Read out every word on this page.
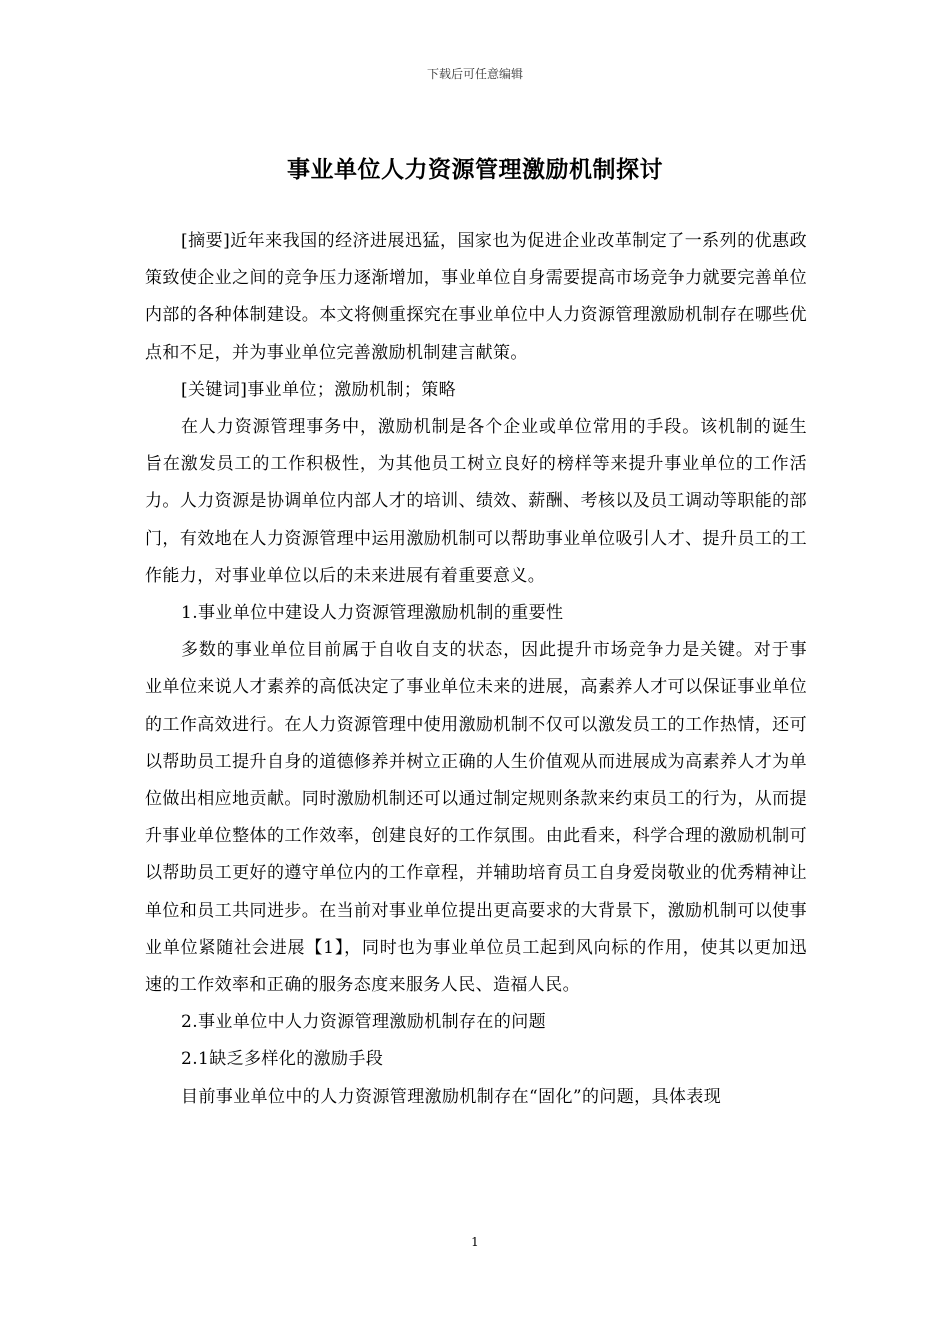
下载后可任意编辑
事业单位人力资源管理激励机制探讨

[摘要]近年来我国的经济进展迅猛，国家也为促进企业改革制定了一系列的优惠政策致使企业之间的竞争压力逐渐增加，事业单位自身需要提高市场竞争力就要完善单位内部的各种体制建设。本文将侧重探究在事业单位中人力资源管理激励机制存在哪些优点和不足，并为事业单位完善激励机制建言献策。

[关键词]事业单位；激励机制；策略

在人力资源管理事务中，激励机制是各个企业或单位常用的手段。该机制的诞生旨在激发员工的工作积极性，为其他员工树立良好的榜样等来提升事业单位的工作活力。人力资源是协调单位内部人才的培训、绩效、薪酬、考核以及员工调动等职能的部门，有效地在人力资源管理中运用激励机制可以帮助事业单位吸引人才、提升员工的工作能力，对事业单位以后的未来进展有着重要意义。

1.事业单位中建设人力资源管理激励机制的重要性

多数的事业单位目前属于自收自支的状态，因此提升市场竞争力是关键。对于事业单位来说人才素养的高低决定了事业单位未来的进展，高素养人才可以保证事业单位的工作高效进行。在人力资源管理中使用激励机制不仅可以激发员工的工作热情，还可以帮助员工提升自身的道德修养并树立正确的人生价值观从而进展成为高素养人才为单位做出相应地贡献。同时激励机制还可以通过制定规则条款来约束员工的行为，从而提升事业单位整体的工作效率，创建良好的工作氛围。由此看来，科学合理的激励机制可以帮助员工更好的遵守单位内的工作章程，并辅助培育员工自身爱岗敬业的优秀精神让单位和员工共同进步。在当前对事业单位提出更高要求的大背景下，激励机制可以使事业单位紧随社会进展【1】，同时也为事业单位员工起到风向标的作用，使其以更加迅速的工作效率和正确的服务态度来服务人民、造福人民。

2.事业单位中人力资源管理激励机制存在的问题

2.1缺乏多样化的激励手段

目前事业单位中的人力资源管理激励机制存在“固化”的问题，具体表现

1
